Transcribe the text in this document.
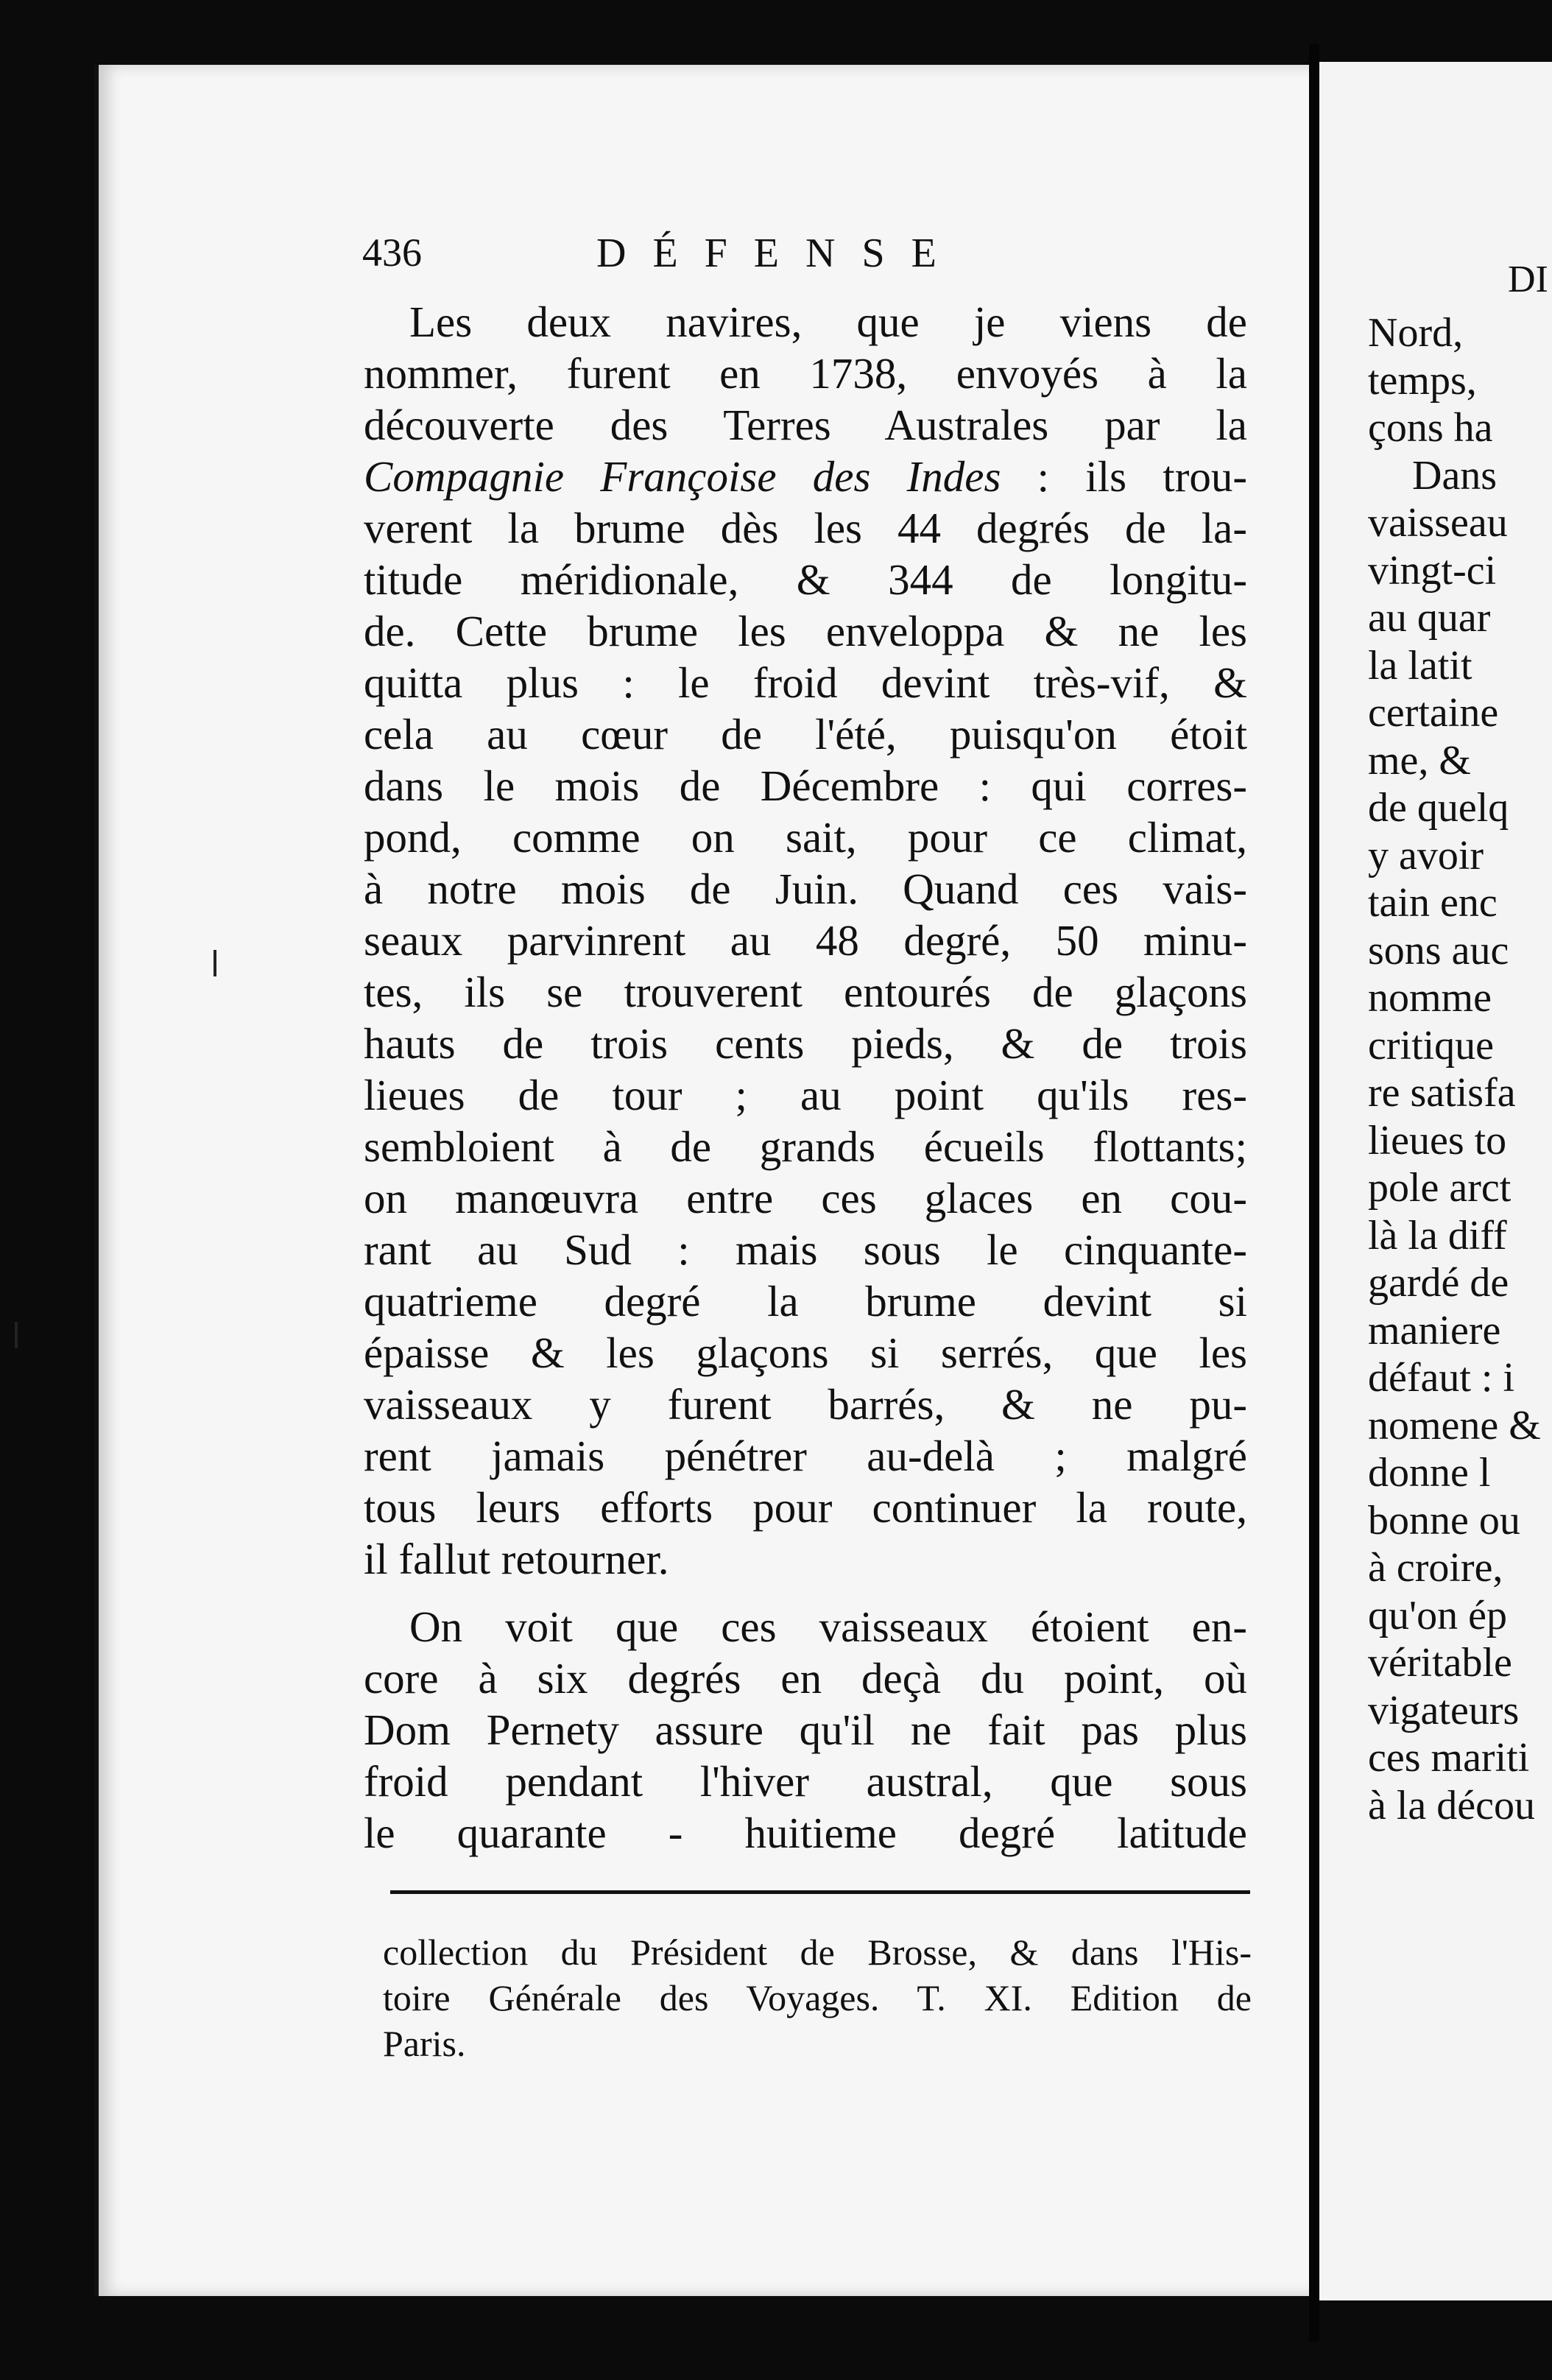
436	DÉFENSE
Les deux navires, que je viens de
nommer, furent en 1738, envoyés à la
découverte des Terres Australes par la
Compagnie Françoise des Indes : ils trou-
verent la brume dès les 44 degrés de la-
titude méridionale, & 344 de longitu-
de. Cette brume les enveloppa & ne les
quitta plus : le froid devint très-vif, &
cela au cœur de l'été, puisqu'on étoit
dans le mois de Décembre : qui corres-
pond, comme on sait, pour ce climat,
à notre mois de Juin. Quand ces vais-
seaux parvinrent au 48 degré, 50 minu-
tes, ils se trouverent entourés de glaçons
hauts de trois cents pieds, & de trois
lieues de tour ; au point qu'ils res-
sembloient à de grands écueils flottants;
on manœuvra entre ces glaces en cou-
rant au Sud : mais sous le cinquante-
quatrieme degré la brume devint si
épaisse & les glaçons si serrés, que les
vaisseaux y furent barrés, & ne pu-
rent jamais pénétrer au-delà ; malgré
tous leurs efforts pour continuer la route,
il fallut retourner.
On voit que ces vaisseaux étoient en-
core à six degrés en deçà du point, où
Dom Pernety assure qu'il ne fait pas plus
froid pendant l'hiver austral, que sous
le quarante - huitieme degré latitude
collection du Président de Brosse, & dans l'His-
toire Générale des Voyages. T. XI. Edition de
Paris.
DI
Nord,
temps,
çons ha
Dans
vaisseau
vingt-ci
au quar
la latit
certaine
me, &
de quelq
y avoir
tain enc
sons auc
nomme
critique
re satisfa
lieues to
pole arct
là la diff
gardé de
maniere
défaut : i
nomene &
donne l
bonne ou
à croire,
qu'on ép
véritable
vigateurs
ces mariti
à la décou
